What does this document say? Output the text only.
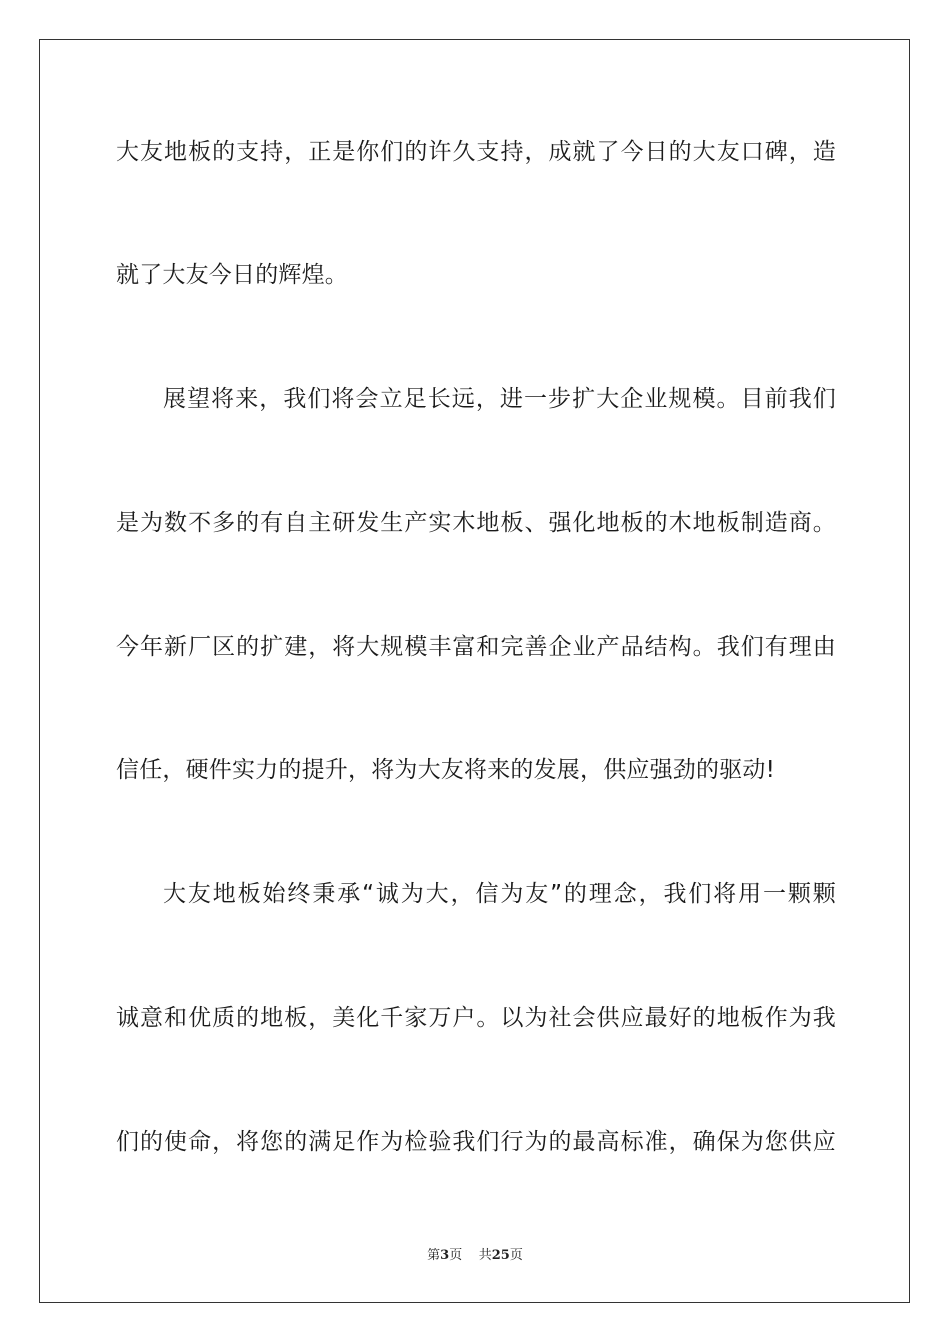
大友地板的支持，正是你们的许久支持，成就了今日的大友口碑，造
就了大友今日的辉煌。
展望将来，我们将会立足长远，进一步扩大企业规模。目前我们
是为数不多的有自主研发生产实木地板、强化地板的木地板制造商。
今年新厂区的扩建，将大规模丰富和完善企业产品结构。我们有理由
信任，硬件实力的提升，将为大友将来的发展，供应强劲的驱动!
大友地板始终秉承“诚为大，信为友”的理念，我们将用一颗颗
诚意和优质的地板，美化千家万户。以为社会供应最好的地板作为我
们的使命，将您的满足作为检验我们行为的最高标准，确保为您供应
第3页 共25页
